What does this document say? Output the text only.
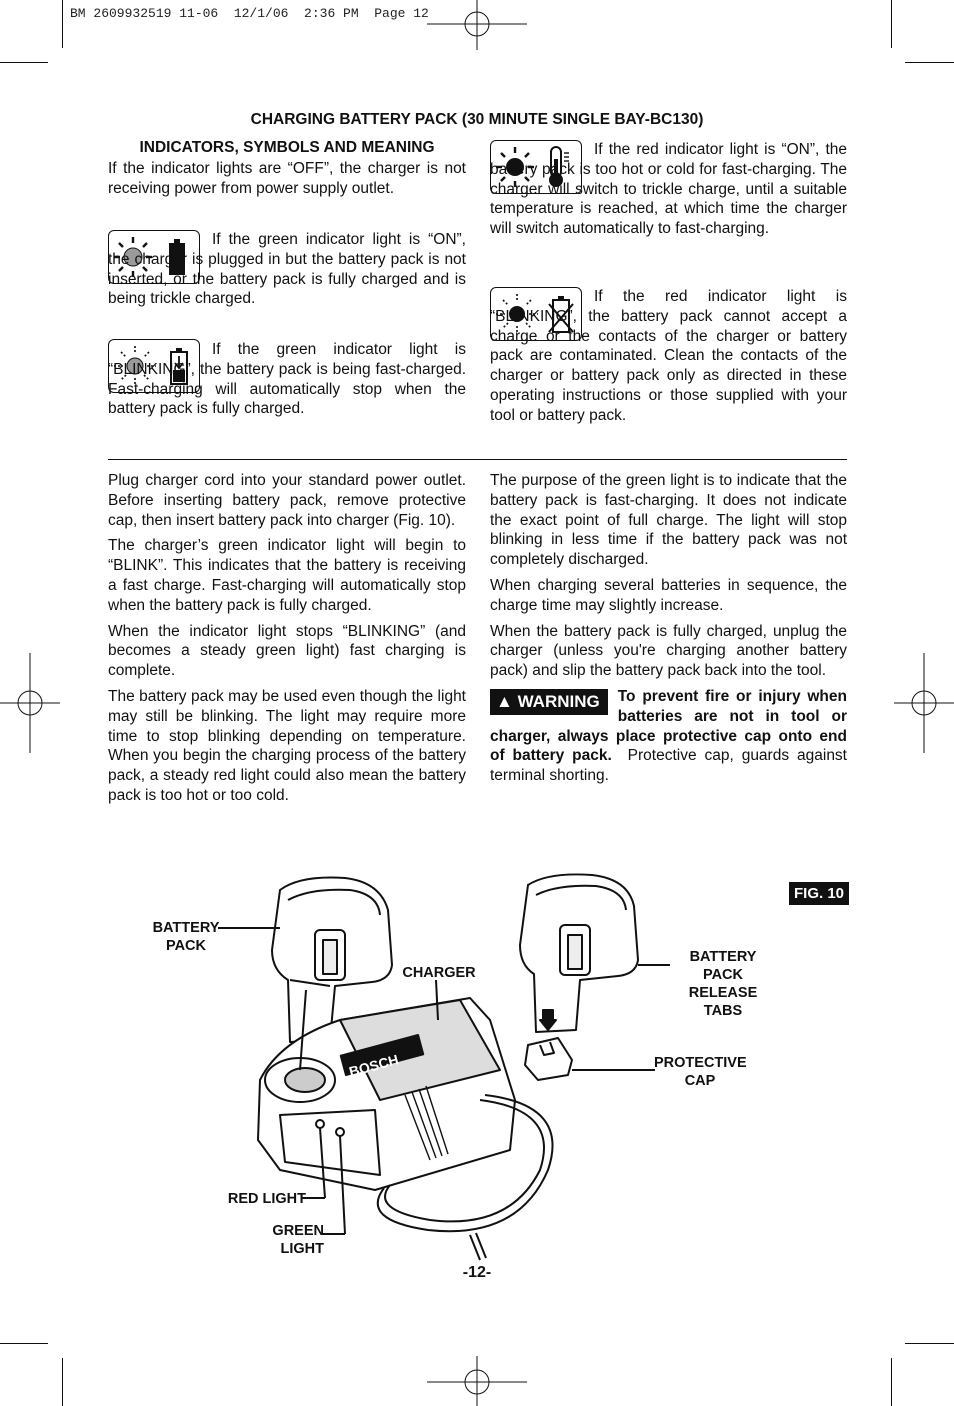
BM 2609932519 11-06  12/1/06  2:36 PM  Page 12
CHARGING BATTERY PACK (30 MINUTE SINGLE BAY-BC130)
INDICATORS, SYMBOLS AND MEANING

If the indicator lights are “OFF”, the charger is not receiving power from power supply outlet.

If the green indicator light is “ON”, the charger is plugged in but the battery pack is not inserted, or the battery pack is fully charged and is being trickle charged.

If the green indicator light is “BLINKING”, the battery pack is being fast-charged. Fast-charging will automatically stop when the battery pack is fully charged.

If the red indicator light is “ON”, the battery pack is too hot or cold for fast-charging. The charger will switch to trickle charge, until a suitable temperature is reached, at which time the charger will switch automatically to fast-charging.

If the red indicator light is “BLINKING”, the battery pack cannot accept a charge or the contacts of the charger or battery pack are contaminated. Clean the contacts of the charger or battery pack only as directed in these operating instructions or those supplied with your tool or battery pack.

Plug charger cord into your standard power outlet. Before inserting battery pack, remove protective cap, then insert battery pack into charger (Fig. 10).

The charger’s green indicator light will begin to “BLINK”. This indicates that the battery is receiving a fast charge. Fast-charging will automatically stop when the battery pack is fully charged.

When the indicator light stops “BLINKING” (and becomes a steady green light) fast charging is complete.

The battery pack may be used even though the light may still be blinking. The light may require more time to stop blinking depending on temperature. When you begin the charging process of the battery pack, a steady red light could also mean the battery pack is too hot or too cold.

The purpose of the green light is to indicate that the battery pack is fast-charging. It does not indicate the exact point of full charge. The light will stop blinking in less time if the battery pack was not completely discharged.

When charging several batteries in sequence, the charge time may slightly increase.

When the battery pack is fully charged, unplug the charger (unless you're charging another battery pack) and slip the battery pack back into the tool.

▲ WARNING	To prevent fire or injury when batteries are not in tool or charger, always place protective cap onto end of battery pack. Protective cap, guards against terminal shorting.

FIG. 10
BOSCH
BATTERY PACK
CHARGER
BATTERY PACK RELEASE TABS
PROTECTIVE CAP
RED LIGHT
GREEN LIGHT
-12-
